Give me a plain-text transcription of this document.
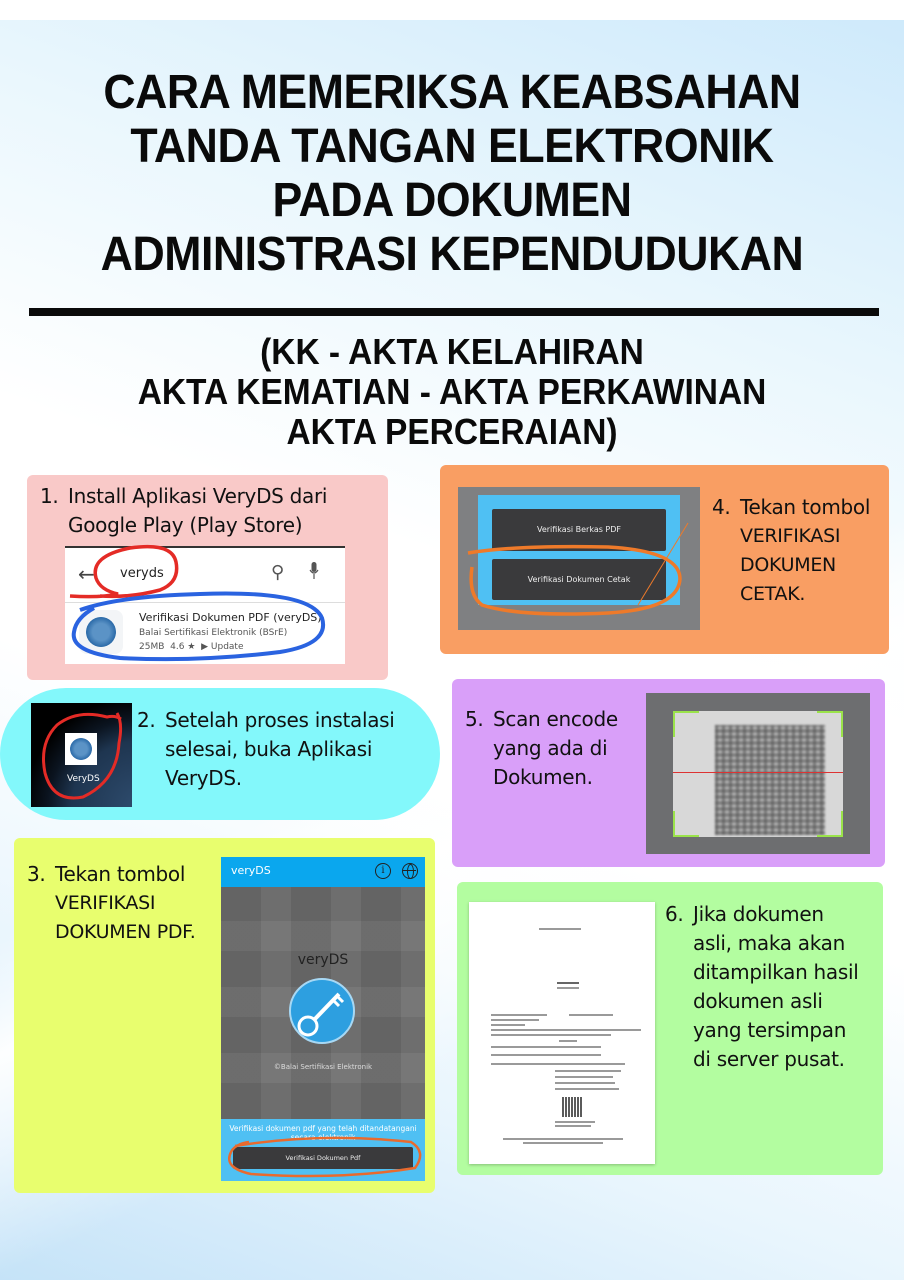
CARA MEMERIKSA KEABSAHAN
TANDA TANGAN ELEKTRONIK
PADA DOKUMEN
ADMINISTRASI KEPENDUDUKAN
(KK - AKTA KELAHIRAN
AKTA KEMATIAN - AKTA PERKAWINAN
AKTA PERCERAIAN)
1. Install Aplikasi VeryDS dari
Google Play (Play Store)
← veryds	⚲
Verifikasi Dokumen PDF (veryDS)
Balai Sertifikasi Elektronik (BSrE)
25MB 4.6 ★ ▶ Update
Verifikasi Berkas PDF
Verifikasi Dokumen Cetak
4. Tekan tombol
VERIFIKASI
DOKUMEN
CETAK.
VeryDS
2. Setelah proses instalasi
selesai, buka Aplikasi
VeryDS.
5. Scan encode
yang ada di
Dokumen.
3. Tekan tombol
VERIFIKASI
DOKUMEN PDF.
veryDS	i
veryDS
©Balai Sertifikasi Elektronik
Verifikasi dokumen pdf yang telah ditandatangani secara elektronik
Verifikasi Dokumen Pdf
6. Jika dokumen
asli, maka akan
ditampilkan hasil
dokumen asli
yang tersimpan
di server pusat.
